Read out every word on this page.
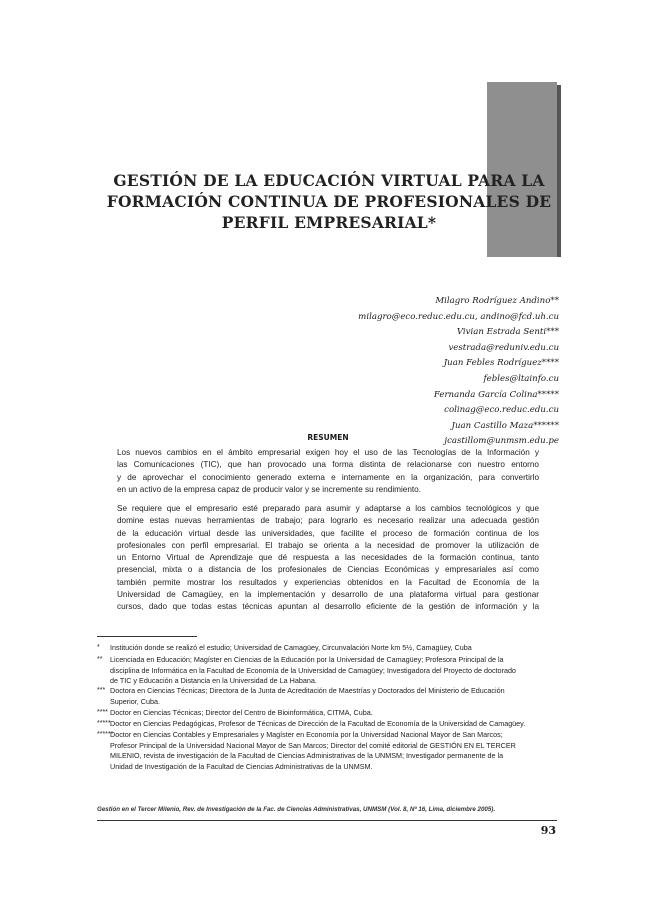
GESTIÓN DE LA EDUCACIÓN VIRTUAL PARA LA
FORMACIÓN CONTINUA DE PROFESIONALES DE
PERFIL EMPRESARIAL*
Milagro Rodríguez Andino**
milagro@eco.reduc.edu.cu, andino@fcd.uh.cu
Vivian Estrada Senti***
vestrada@reduniv.edu.cu
Juan Febles Rodríguez****
febles@ltainfo.cu
Fernanda García Colina*****
colinag@eco.reduc.edu.cu
Juan Castillo Maza******
jcastillom@unmsm.edu.pe
RESUMEN
Los nuevos cambios en el ámbito empresarial exigen hoy el uso de las Tecnologías de la Información y
las Comunicaciones (TIC), que han provocado una forma distinta de relacionarse con nuestro entorno
y de aprovechar el conocimiento generado externa e internamente en la organización, para convertirlo
en un activo de la empresa capaz de producir valor y se incremente su rendimiento.
Se requiere que el empresario esté preparado para asumir y adaptarse a los cambios tecnológicos y que
domine estas nuevas herramientas de trabajo; para lograrlo es necesario realizar una adecuada gestión
de la educación virtual desde las universidades, que facilite el proceso de formación continua de los
profesionales con perfil empresarial. El trabajo se orienta a la necesidad de promover la utilización de
un Entorno Virtual de Aprendizaje que dé respuesta a las necesidades de la formación continua, tanto
presencial, mixta o a distancia de los profesionales de Ciencias Económicas y empresariales así como
también permite mostrar los resultados y experiencias obtenidos en la Facultad de Economía de la
Universidad de Camagüey, en la implementación y desarrollo de una plataforma virtual para gestionar
cursos, dado que todas estas técnicas apuntan al desarrollo eficiente de la gestión de información y la
* Institución donde se realizó el estudio; Universidad de Camagüey, Circunvalación Norte km 5½, Camagüey, Cuba
** Licenciada en Educación; Magíster en Ciencias de la Educación por la Universidad de Camagüey; Profesora Principal de la
disciplina de Informática en la Facultad de Economía de la Universidad de Camagüey; Investigadora del Proyecto de doctorado
de TIC y Educación a Distancia en la Universidad de La Habana.
*** Doctora en Ciencias Técnicas; Directora de la Junta de Acreditación de Maestrías y Doctorados del Ministerio de Educación
Superior, Cuba.
**** Doctor en Ciencias Técnicas; Director del Centro de Bioinformática, CITMA, Cuba.
***** Doctor en Ciencias Pedagógicas, Profesor de Técnicas de Dirección de la Facultad de Economía de la Universidad de Camagüey.
******
Doctor en Ciencias Contables y Empresariales y Magíster en Economía por la Universidad Nacional Mayor de San Marcos;
Profesor Principal de la Universidad Nacional Mayor de San Marcos; Director del comité editorial de GESTIÓN EN EL TERCER
MILENIO, revista de investigación de la Facultad de Ciencias Administrativas de la UNMSM; Investigador permanente de la
Unidad de Investigación de la Facultad de Ciencias Administrativas de la UNMSM.
Gestión en el Tercer Milenio, Rev. de Investigación de la Fac. de Ciencias Administrativas, UNMSM (Vol. 8, Nº 16, Lima, diciembre 2005).
93
